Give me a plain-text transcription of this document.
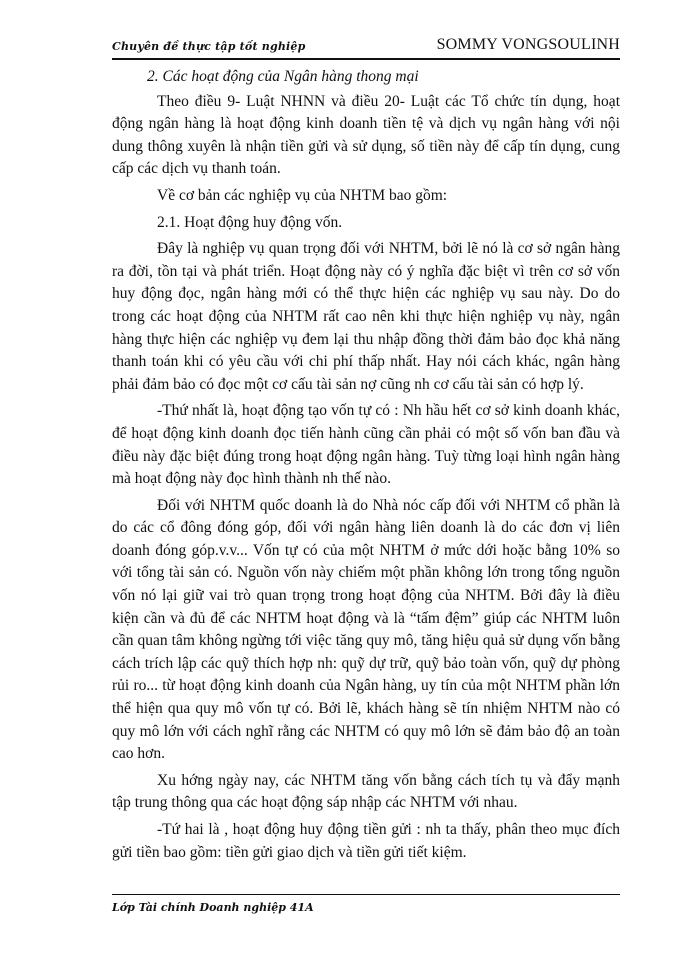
Chuyên đề thực tập tốt nghiệp	SOMMY VONGSOULINH

2. Các hoạt động của Ngân hàng thong mại

Theo điều 9- Luật NHNN và điều 20- Luật các Tổ chức tín dụng, hoạt động ngân hàng là hoạt động kinh doanh tiền tệ và dịch vụ ngân hàng với nội dung thông xuyên là nhận tiền gửi và sử dụng, số tiền này để cấp tín dụng, cung cấp các dịch vụ thanh toán.

Về cơ bản các nghiệp vụ của NHTM bao gồm:

2.1. Hoạt động huy động vốn.

Đây là nghiệp vụ quan trọng đối với NHTM, bởi lẽ nó là cơ sở ngân hàng ra đời, tồn tại và phát triển. Hoạt động này có ý nghĩa đặc biệt vì trên cơ sở vốn huy động đọc, ngân hàng mới có thể thực hiện các nghiệp vụ sau này. Do do trong các hoạt động của NHTM rất cao nên khi thực hiện nghiệp vụ này, ngân hàng thực hiện các nghiệp vụ đem lại thu nhập đồng thời đảm bảo đọc khả năng thanh toán khi có yêu cầu với chi phí thấp nhất. Hay nói cách khác, ngân hàng phải đảm bảo có đọc một cơ cấu tài sản nợ cũng nh cơ cấu tài sản có hợp lý.

-Thứ nhất là, hoạt động tạo vốn tự có : Nh hầu hết cơ sở kinh doanh khác, để hoạt động kinh doanh đọc tiến hành cũng cần phải có một số vốn ban đầu và điều này đặc biệt đúng trong hoạt động ngân hàng. Tuỳ từng loại hình ngân hàng mà hoạt động này đọc hình thành nh thế nào.

Đối với NHTM quốc doanh là do Nhà nóc cấp đối với NHTM cổ phần là do các cổ đông đóng góp, đối với ngân hàng liên doanh là do các đơn vị liên doanh đóng góp.v.v... Vốn tự có của một NHTM ở mức dới hoặc bằng 10% so với tổng tài sản có. Nguồn vốn này chiếm một phần không lớn trong tổng nguồn vốn nó lại giữ vai trò quan trọng trong hoạt động của NHTM. Bởi đây là điều kiện cần và đủ để các NHTM hoạt động và là “tấm đệm” giúp các NHTM luôn cần quan tâm không ngừng tới việc tăng quy mô, tăng hiệu quả sử dụng vốn bằng cách trích lập các quỹ thích hợp nh: quỹ dự trữ, quỹ bảo toàn vốn, quỹ dự phòng rủi ro... từ hoạt động kinh doanh của Ngân hàng, uy tín của một NHTM phần lớn thể hiện qua quy mô vốn tự có. Bởi lẽ, khách hàng sẽ tín nhiệm NHTM nào có quy mô lớn với cách nghĩ rằng các NHTM có quy mô lớn sẽ đảm bảo độ an toàn cao hơn.

Xu hớng ngày nay, các NHTM tăng vốn bằng cách tích tụ và đẩy mạnh tập trung thông qua các hoạt động sáp nhập các NHTM với nhau.

-Tứ hai là , hoạt động huy động tiền gửi : nh ta thấy, phân theo mục đích gửi tiền bao gồm: tiền gửi giao dịch và tiền gửi tiết kiệm.

Lớp Tài chính Doanh nghiệp 41A
